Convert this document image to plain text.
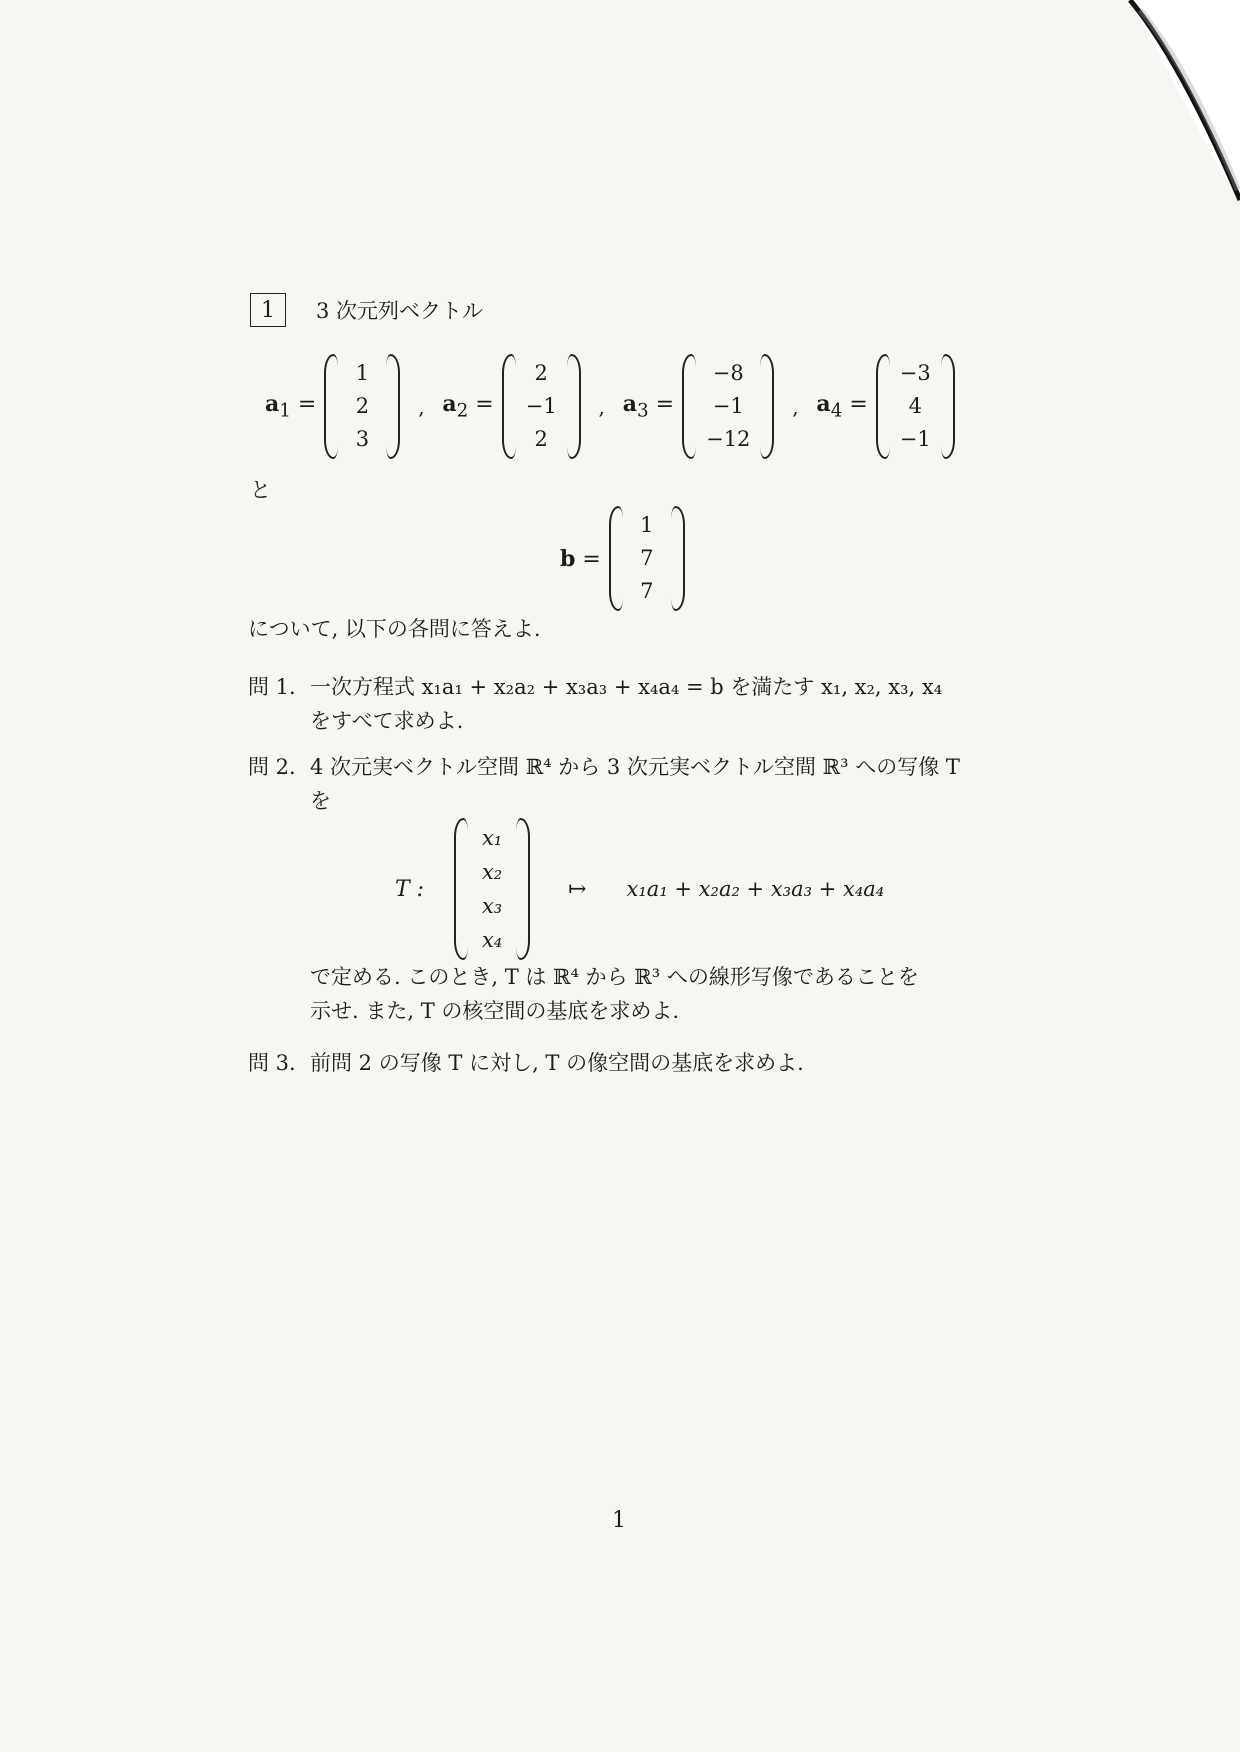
1	3 次元列ベクトル
$a_1$ =
1
2
3
, $a_2$ =
2
−1
2
, $a_3$ =
−8
−1
−12
, $a_4$ =
−3
4
−1
と
b =
1
7
7
について, 以下の各問に答えよ.
問 1. 一次方程式 x₁a₁ + x₂a₂ + x₃a₃ + x₄a₄ = b を満たす x₁, x₂, x₃, x₄
をすべて求めよ.
問 2. 4 次元実ベクトル空間 ℝ⁴ から 3 次元実ベクトル空間 ℝ³ への写像 T
を
T :
x₁
x₂
x₃
x₄
↦ x₁a₁ + x₂a₂ + x₃a₃ + x₄a₄
で定める. このとき, T は ℝ⁴ から ℝ³ への線形写像であることを
示せ. また, T の核空間の基底を求めよ.
問 3. 前問 2 の写像 T に対し, T の像空間の基底を求めよ.
1
